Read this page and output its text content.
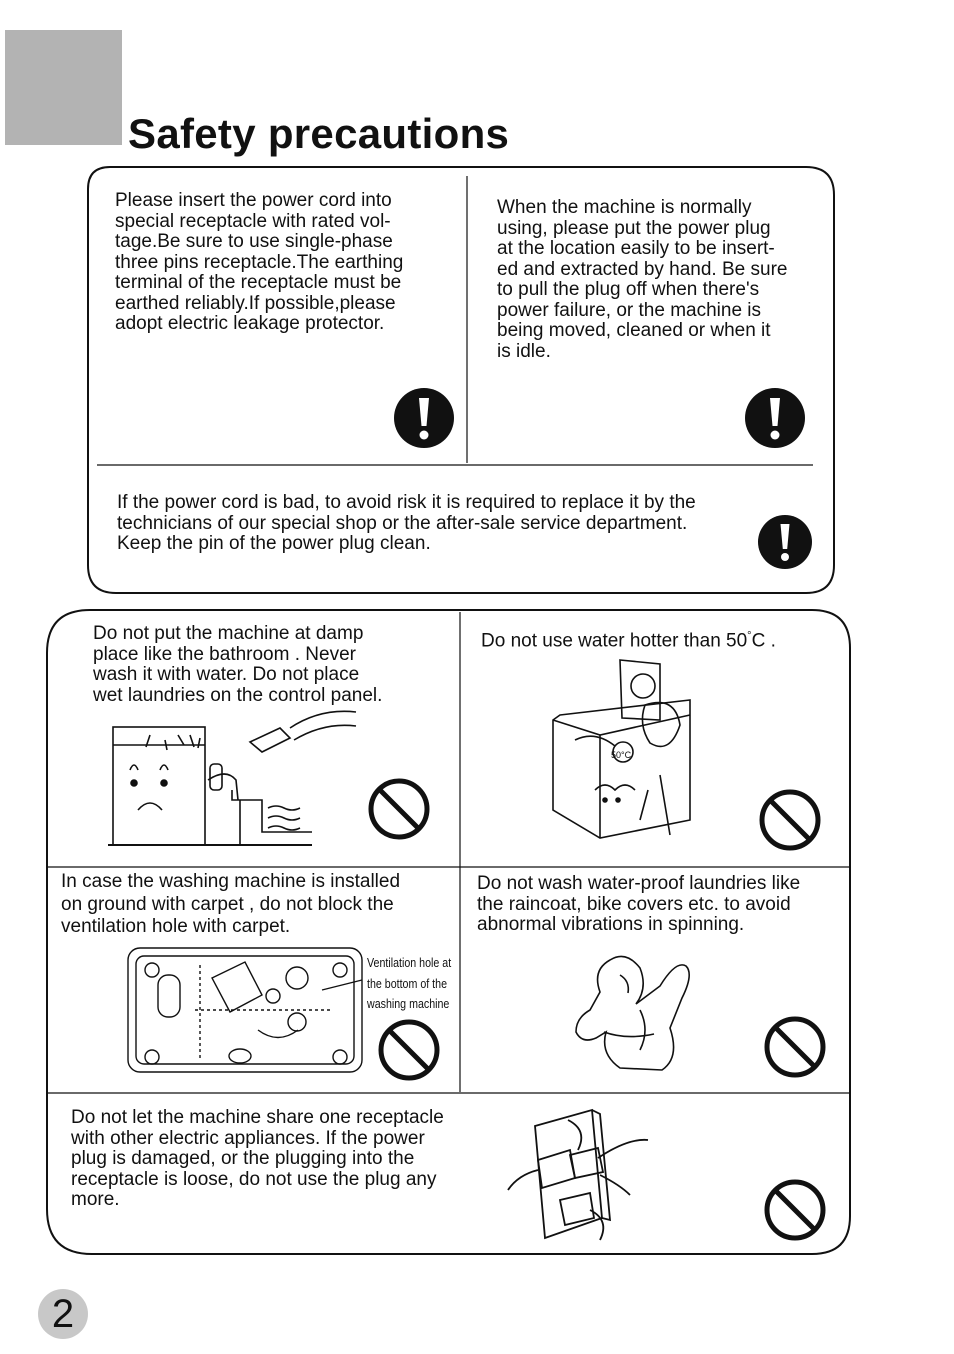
Safety precautions
50°C

Please insert the power cord into
special receptacle with rated vol-
tage.Be sure to use single-phase
three pins receptacle.The earthing
terminal of the receptacle must be
earthed reliably.If possible,please
adopt electric leakage protector.

When the machine is normally
using, please put the power plug
at the location easily to be insert-
ed and extracted by hand. Be sure
to pull the plug off when there's
power failure, or the machine is
being moved, cleaned or when it
is idle.

If the power cord is bad, to avoid risk it is required to replace it by the
technicians of our special shop or the after-sale service department.
Keep the pin of the power plug clean.

Do not put the machine at damp
place like the bathroom . Never
wash it with water. Do not place
wet laundries on the control panel.

Do not use water hotter than 50°C .

In case the washing machine is installed
on ground with carpet , do not block the
ventilation hole with carpet.

Ventilation hole at
the bottom of the
washing machine

Do not wash water-proof laundries like
the raincoat, bike covers etc. to avoid
abnormal vibrations in spinning.

Do not let the machine share one receptacle
with other electric appliances. If the power
plug is damaged, or the plugging into the
receptacle is loose, do not use the plug any
more.

2
